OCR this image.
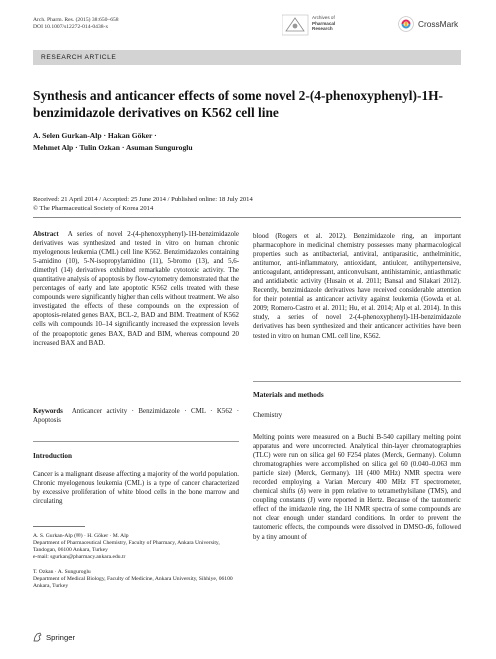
Arch. Pharm. Res. (2015) 38:650–658
DOI 10.1007/s12272-014-0438-x
Archives of
Pharmacal
Research	CrossMark
RESEARCH ARTICLE
Synthesis and anticancer effects of some novel 2-(4-phenoxyphenyl)-1H-benzimidazole derivatives on K562 cell line
A. Selen Gurkan-Alp · Hakan Göker ·
Mehmet Alp · Tulin Ozkan · Asuman Sunguroglu
Received: 21 April 2014 / Accepted: 25 June 2014 / Published online: 18 July 2014
© The Pharmaceutical Society of Korea 2014

Abstract A series of novel 2-(4-phenoxyphenyl)-1H-benzimidazole derivatives was synthesized and tested in vitro on human chronic myelogenous leukemia (CML) cell line K562. Benzimidazoles containing 5-amidino (10), 5-N-isopropylamidino (11), 5-bromo (13), and 5,6-dimethyl (14) derivatives exhibited remarkable cytotoxic activity. The quantitative analysis of apoptosis by flow-cytometry demonstrated that the percentages of early and late apoptotic K562 cells treated with these compounds were significantly higher than cells without treatment. We also investigated the effects of these compounds on the expression of apoptosis-related genes BAX, BCL-2, BAD and BIM. Treatment of K562 cells wih compounds 10–14 significantly increased the expression levels of the proapoptotic genes BAX, BAD and BIM, whereas compound 20 increased BAX and BAD.

Keywords Anticancer activity · Benzimidazole · CML · K562 · Apoptosis

Introduction

Cancer is a malignant disease affecting a majority of the world population. Chronic myelogenous leukemia (CML) is a type of cancer characterized by excessive proliferation of white blood cells in the bone marrow and circulating

A. S. Gurkan-Alp (✉) · H. Göker · M. Alp
Department of Pharmaceutical Chemistry, Faculty of Pharmacy, Ankara University, Tandogan, 06100 Ankara, Turkey
e-mail: sgurkan@pharmacy.ankara.edu.tr
T. Ozkan · A. Sunguroglu
Department of Medical Biology, Faculty of Medicine, Ankara University, Sihhiye, 06100 Ankara, Turkey
Springer

blood (Rogers et al. 2012). Benzimidazole ring, an important pharmacophore in medicinal chemistry possesses many pharmacological properties such as antibacterial, antiviral, antiparasitic, anthelminitic, antitumor, anti-inflammatory, antioxidant, antiulcer, antihypertensive, anticoagulant, antidepressant, anticonvulsant, antihistaminic, antiasthmatic and antidiabetic activity (Husain et al. 2011; Bansal and Silakari 2012). Recently, benzimidazole derivatives have received considerable attention for their potential as anticancer activity against leukemia (Gowda et al. 2009; Romero-Castro et al. 2011; Hu, et al. 2014; Alp et al. 2014). In this study, a series of novel 2-(4-phenoxyphenyl)-1H-benzimidazole derivatives has been synthesized and their anticancer activities have been tested in vitro on human CML cell line, K562.

Materials and methods
Chemistry

Melting points were measured on a Buchi B-540 capillary melting point apparatus and were uncorrected. Analytical thin-layer chromatographies (TLC) were run on silica gel 60 F254 plates (Merck, Germany). Column chromatographies were accomplished on silica gel 60 (0.040–0.063 mm particle size) (Merck, Germany). 1H (400 MHz) NMR spectra were recorded employing a Varian Mercury 400 MHz FT spectrometer, chemical shifts (δ) were in ppm relative to tetramethylsilane (TMS), and coupling constants (J) were reported in Hertz. Because of the tautomeric effect of the imidazole ring, the 1H NMR spectra of some compounds are not clear enough under standard conditions. In order to prevent the tautomeric effects, the compounds were dissolved in DMSO-d6, followed by a tiny amount of
